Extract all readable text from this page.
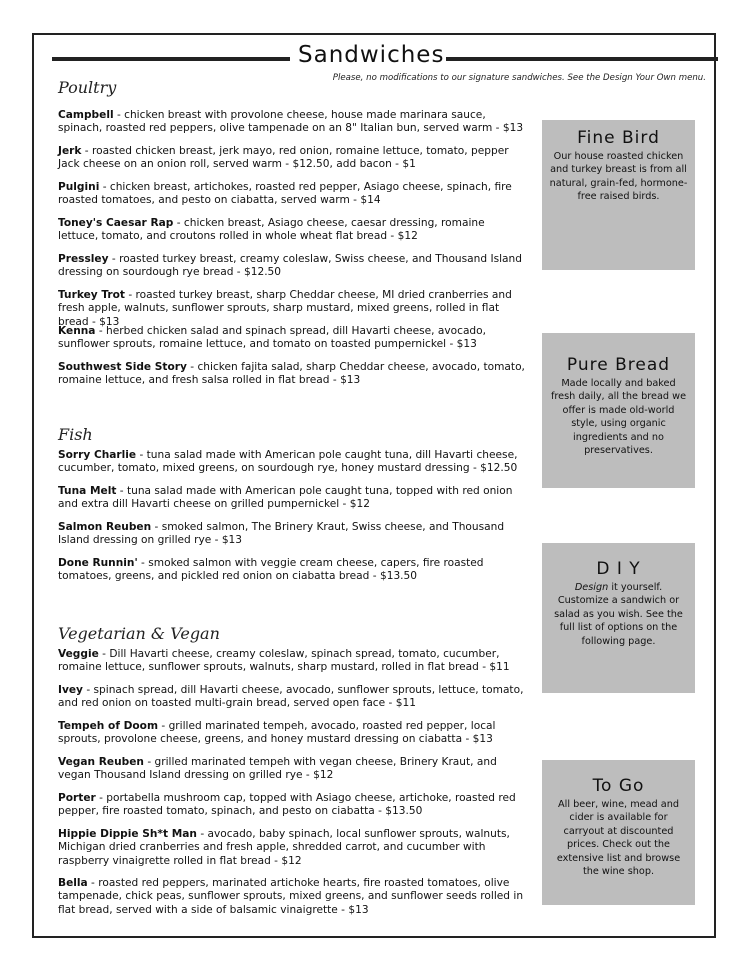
Sandwiches
Please, no modifications to our signature sandwiches. See the Design Your Own menu.
Poultry
Campbell - chicken breast with provolone cheese, house made marinara sauce, spinach, roasted red peppers, olive tampenade on an 8" Italian bun, served warm - $13
Jerk - roasted chicken breast, jerk mayo, red onion, romaine lettuce, tomato, pepper Jack cheese on an onion roll, served warm - $12.50, add bacon - $1
Pulgini - chicken breast, artichokes, roasted red pepper, Asiago cheese, spinach, fire roasted tomatoes, and pesto on ciabatta, served warm - $14
Toney's Caesar Rap - chicken breast, Asiago cheese, caesar dressing, romaine lettuce, tomato, and croutons rolled in whole wheat flat bread - $12
Pressley - roasted turkey breast, creamy coleslaw, Swiss cheese, and Thousand Island dressing on sourdough rye bread - $12.50
Turkey Trot - roasted turkey breast, sharp Cheddar cheese, MI dried cranberries and fresh apple, walnuts, sunflower sprouts, sharp mustard, mixed greens, rolled in flat bread - $13
Kenna - herbed chicken salad and spinach spread, dill Havarti cheese, avocado, sunflower sprouts, romaine lettuce, and tomato on toasted pumpernickel - $13
Southwest Side Story - chicken fajita salad, sharp Cheddar cheese, avocado, tomato, romaine lettuce, and fresh salsa rolled in flat bread - $13
Fish
Sorry Charlie - tuna salad made with American pole caught tuna, dill Havarti cheese, cucumber, tomato, mixed greens, on sourdough rye, honey mustard dressing - $12.50
Tuna Melt - tuna salad made with American pole caught tuna, topped with red onion and extra dill Havarti cheese on grilled pumpernickel - $12
Salmon Reuben - smoked salmon, The Brinery Kraut, Swiss cheese, and Thousand Island dressing on grilled rye - $13
Done Runnin' - smoked salmon with veggie cream cheese, capers, fire roasted tomatoes, greens, and pickled red onion on ciabatta bread - $13.50
Vegetarian & Vegan
Veggie - Dill Havarti cheese, creamy coleslaw, spinach spread, tomato, cucumber, romaine lettuce, sunflower sprouts, walnuts, sharp mustard, rolled in flat bread - $11
Ivey - spinach spread, dill Havarti cheese, avocado, sunflower sprouts, lettuce, tomato, and red onion on toasted multi-grain bread, served open face - $11
Tempeh of Doom - grilled marinated tempeh, avocado, roasted red pepper, local sprouts, provolone cheese, greens, and honey mustard dressing on ciabatta - $13
Vegan Reuben - grilled marinated tempeh with vegan cheese, Brinery Kraut, and vegan Thousand Island dressing on grilled rye - $12
Porter - portabella mushroom cap, topped with Asiago cheese, artichoke, roasted red pepper, fire roasted tomato, spinach, and pesto on ciabatta - $13.50
Hippie Dippie Sh*t Man - avocado, baby spinach, local sunflower sprouts, walnuts, Michigan dried cranberries and fresh apple, shredded carrot, and cucumber with raspberry vinaigrette rolled in flat bread - $12
Bella - roasted red peppers, marinated artichoke hearts, fire roasted tomatoes, olive tampenade, chick peas, sunflower sprouts, mixed greens, and sunflower seeds rolled in flat bread, served with a side of balsamic vinaigrette - $13
Fine Bird
Our house roasted chicken and turkey breast is from all natural, grain-fed, hormone-free raised birds.
Pure Bread
Made locally and baked fresh daily, all the bread we offer is made old-world style, using organic ingredients and no preservatives.
D I Y
Design it yourself. Customize a sandwich or salad as you wish. See the full list of options on the following page.
To Go
All beer, wine, mead and cider is available for carryout at discounted prices. Check out the extensive list and browse the wine shop.
